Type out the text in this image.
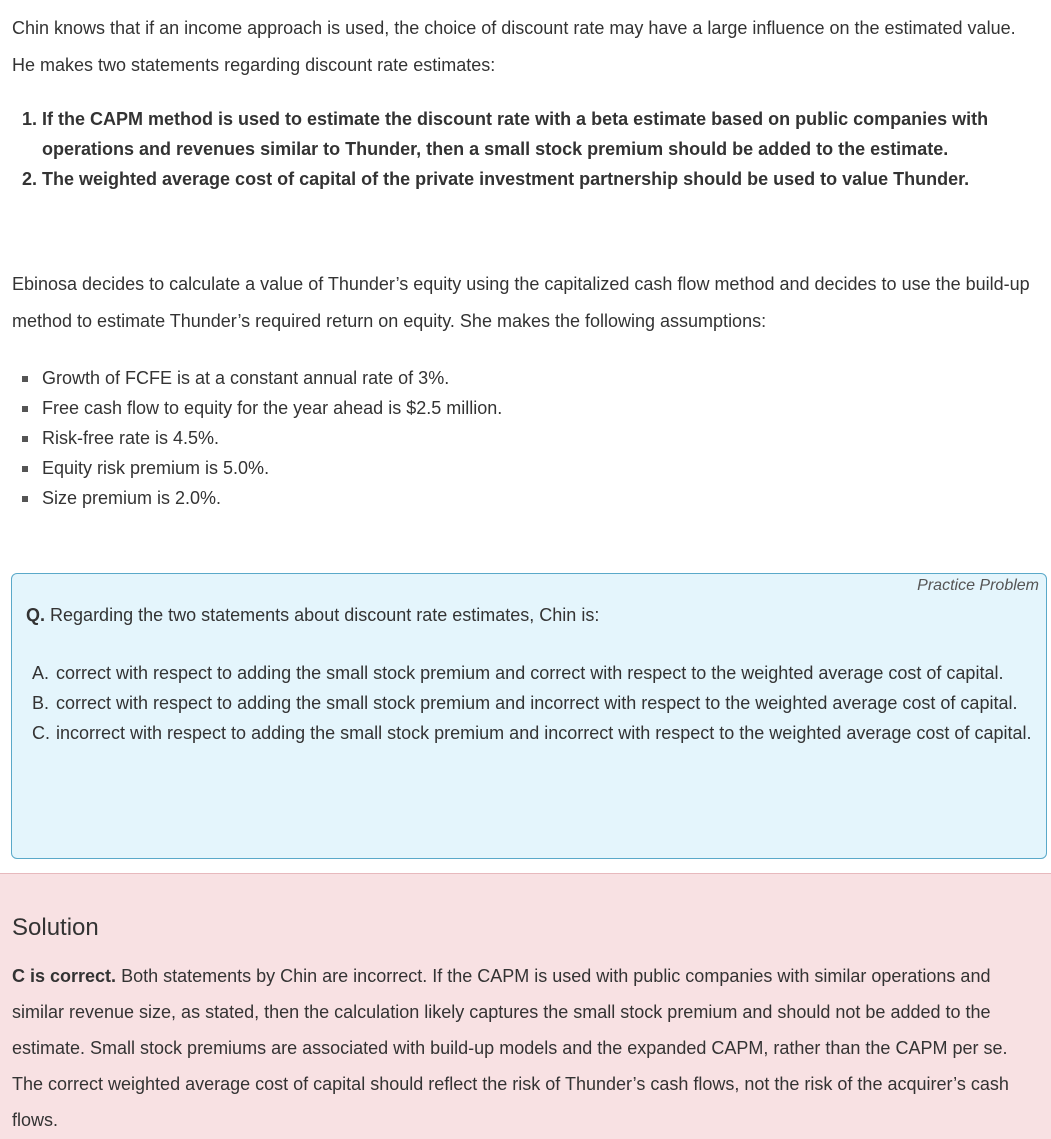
Chin knows that if an income approach is used, the choice of discount rate may have a large influence on the estimated value. He makes two statements regarding discount rate estimates:

1. If the CAPM method is used to estimate the discount rate with a beta estimate based on public companies with operations and revenues similar to Thunder, then a small stock premium should be added to the estimate.
2. The weighted average cost of capital of the private investment partnership should be used to value Thunder.

Ebinosa decides to calculate a value of Thunder’s equity using the capitalized cash flow method and decides to use the build-up method to estimate Thunder’s required return on equity. She makes the following assumptions:

Growth of FCFE is at a constant annual rate of 3%.
Free cash flow to equity for the year ahead is $2.5 million.
Risk-free rate is 4.5%.
Equity risk premium is 5.0%.
Size premium is 2.0%.
Practice Problem

Q. Regarding the two statements about discount rate estimates, Chin is:

A. correct with respect to adding the small stock premium and correct with respect to the weighted average cost of capital.
B. correct with respect to adding the small stock premium and incorrect with respect to the weighted average cost of capital.
C. incorrect with respect to adding the small stock premium and incorrect with respect to the weighted average cost of capital.
Solution

C is correct. Both statements by Chin are incorrect. If the CAPM is used with public companies with similar operations and similar revenue size, as stated, then the calculation likely captures the small stock premium and should not be added to the estimate. Small stock premiums are associated with build-up models and the expanded CAPM, rather than the CAPM per se. The correct weighted average cost of capital should reflect the risk of Thunder’s cash flows, not the risk of the acquirer’s cash flows.
